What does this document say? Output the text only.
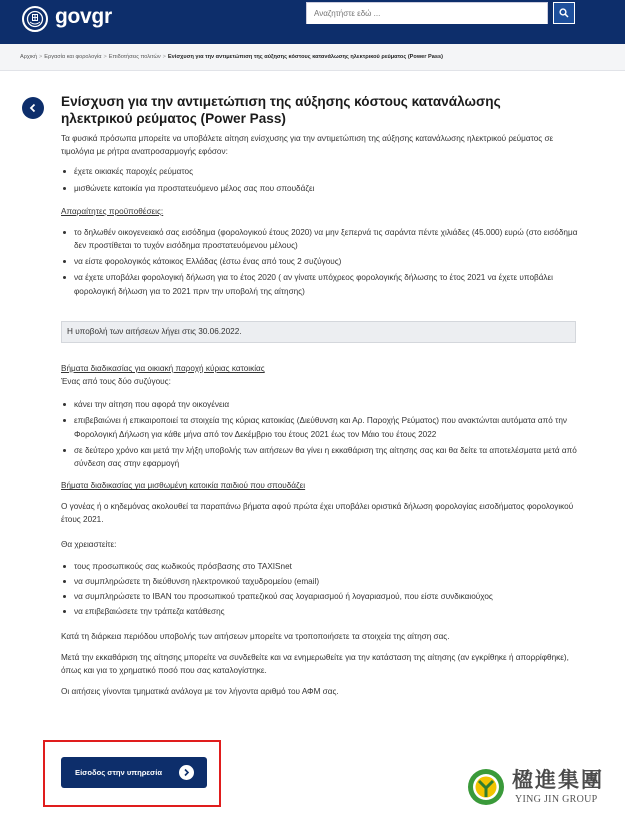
govgr
Αναζητήστε εδώ ...
Αρχική > Εργασία και φορολογία > Επιδοτήσεις πολιτών > Ενίσχυση για την αντιμετώπιση της αύξησης κόστους κατανάλωσης ηλεκτρικού ρεύματος (Power Pass)
Ενίσχυση για την αντιμετώπιση της αύξησης κόστους κατανάλωσης ηλεκτρικού ρεύματος (Power Pass)

Τα φυσικά πρόσωπα μπορείτε να υποβάλετε αίτηση ενίσχυσης για την αντιμετώπιση της αύξησης κατανάλωσης ηλεκτρικού ρεύματος σε τιμολόγια με ρήτρα αναπροσαρμογής εφόσον:

έχετε οικιακές παροχές ρεύματος
μισθώνετε κατοικία για προστατευόμενο μέλος σας που σπουδάζει

Απαραίτητες προϋποθέσεις:

το δηλωθέν οικογενειακό σας εισόδημα (φορολογικού έτους 2020) να μην ξεπερνά τις σαράντα πέντε χιλιάδες (45.000) ευρώ (στο εισόδημα δεν προστίθεται το τυχόν εισόδημα προστατευόμενου μέλους)
να είστε φορολογικός κάτοικος Ελλάδας (έστω ένας από τους 2 συζύγους)
να έχετε υποβάλει φορολογική δήλωση για το έτος 2020 ( αν γίνατε υπόχρεος φορολογικής δήλωσης το έτος 2021 να έχετε υποβάλει φορολογική δήλωση για το 2021 πριν την υποβολή της αίτησης)
Η υποβολή των αιτήσεων λήγει στις 30.06.2022.

Βήματα διαδικασίας για οικιακή παροχή κύριας κατοικίας

Ένας από τους δύο συζύγους:

κάνει την αίτηση που αφορά την οικογένεια
επιβεβαιώνει ή επικαιροποιεί τα στοιχεία της κύριας κατοικίας (Διεύθυνση και Αρ. Παροχής Ρεύματος) που ανακτώνται αυτόματα από την Φορολογική Δήλωση για κάθε μήνα από τον Δεκέμβριο του έτους 2021 έως τον Μάιο του έτους 2022
σε δεύτερο χρόνο και μετά την λήξη υποβολής των αιτήσεων θα γίνει η εκκαθάριση της αίτησης σας και θα δείτε τα αποτελέσματα μετά από σύνδεση σας στην εφαρμογή

Βήματα διαδικασίας για μισθωμένη κατοικία παιδιού που σπουδάζει

Ο γονέας ή ο κηδεμόνας ακολουθεί τα παραπάνω βήματα αφού πρώτα έχει υποβάλει οριστικά δήλωση φορολογίας εισοδήματος φορολογικού έτους 2021.

Θα χρειαστείτε:

τους προσωπικούς σας κωδικούς πρόσβασης στο TAXISnet
να συμπληρώσετε τη διεύθυνση ηλεκτρονικού ταχυδρομείου (email)
να συμπληρώσετε το IBAN του προσωπικού τραπεζικού σας λογαριασμού ή λογαριασμού, που είστε συνδικαιούχος
να επιβεβαιώσετε την τράπεζα κατάθεσης

Κατά τη διάρκεια περιόδου υποβολής των αιτήσεων μπορείτε να τροποποιήσετε τα στοιχεία της αίτηση σας.

Μετά την εκκαθάριση της αίτησης μπορείτε να συνδεθείτε και να ενημερωθείτε για την κατάσταση της αίτησης (αν εγκρίθηκε ή απορρίφθηκε), όπως και για το χρηματικό ποσό που σας καταλογίστηκε.

Οι αιτήσεις γίνονται τμηματικά ανάλογα με τον λήγοντα αριθμό του ΑΦΜ σας.

Είσοδος στην υπηρεσία	楹進集團
YING JIN GROUP
